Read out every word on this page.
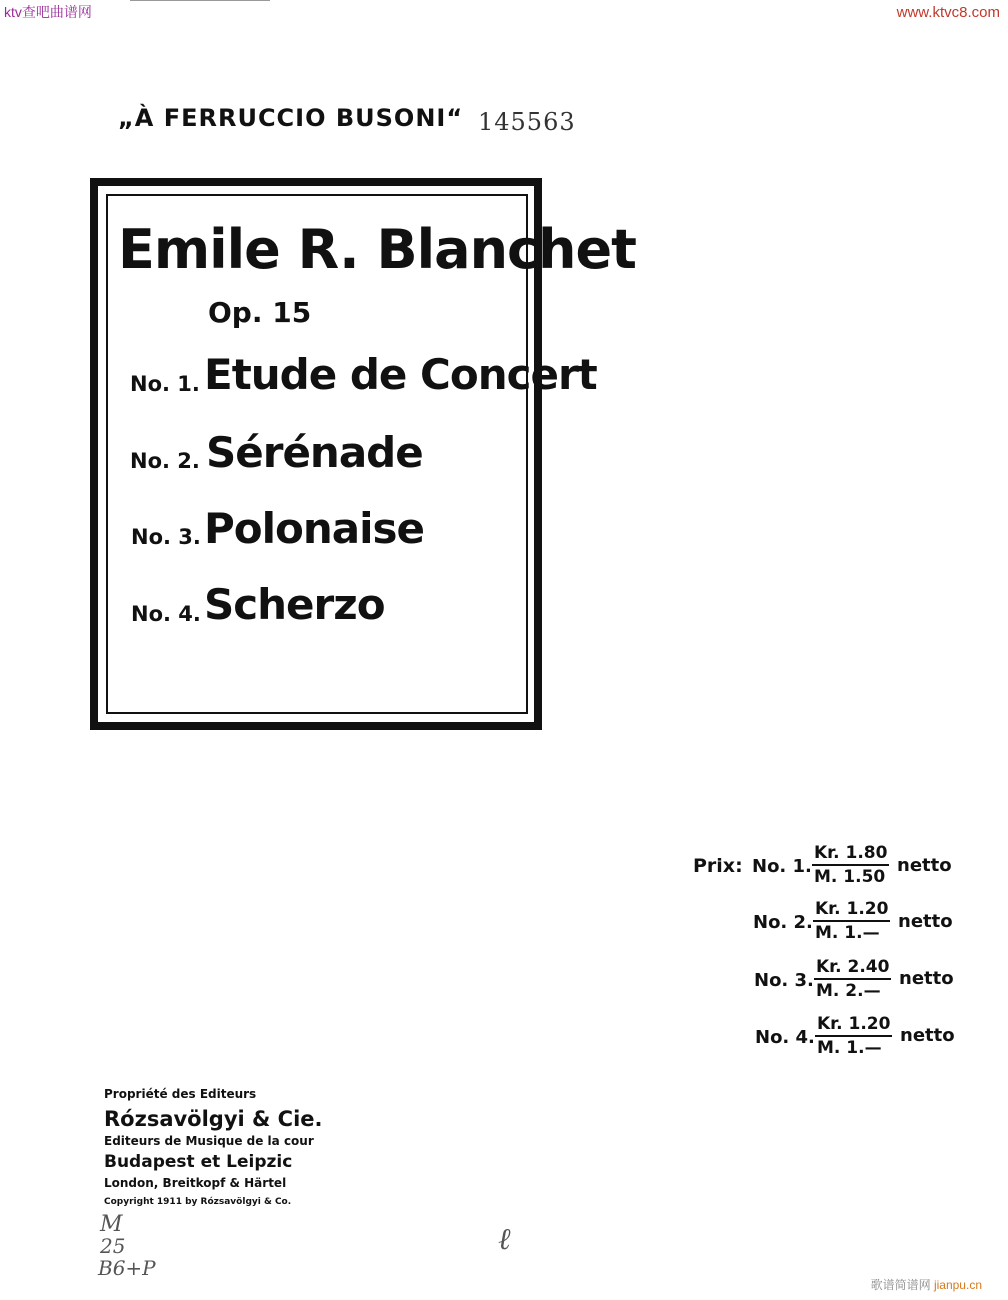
ktv查吧曲谱网	www.ktvc8.com
歌谱简谱网 jianpu.cn
„À FERRUCCIO BUSONI“ 145563
Emile R. Blanchet
Op. 15
No. 1. Etude de Concert
No. 2. Sérénade
No. 3. Polonaise
No. 4. Scherzo
Prix: No. 1. $\frac{Kr. 1.80}{M. 1.50}$ netto
No. 2. $\frac{Kr. 1.20}{M. 1.—}$ netto
No. 3. $\frac{Kr. 2.40}{M. 2.—}$ netto
No. 4. $\frac{Kr. 1.20}{M. 1.—}$ netto
Propriété des Editeurs
Rózsavölgyi & Cie.
Editeurs de Musique de la cour
Budapest et Leipzic
London, Breitkopf & Härtel
Copyright 1911 by Rózsavölgyi & Co.
M
25
B6+P
ℓ
